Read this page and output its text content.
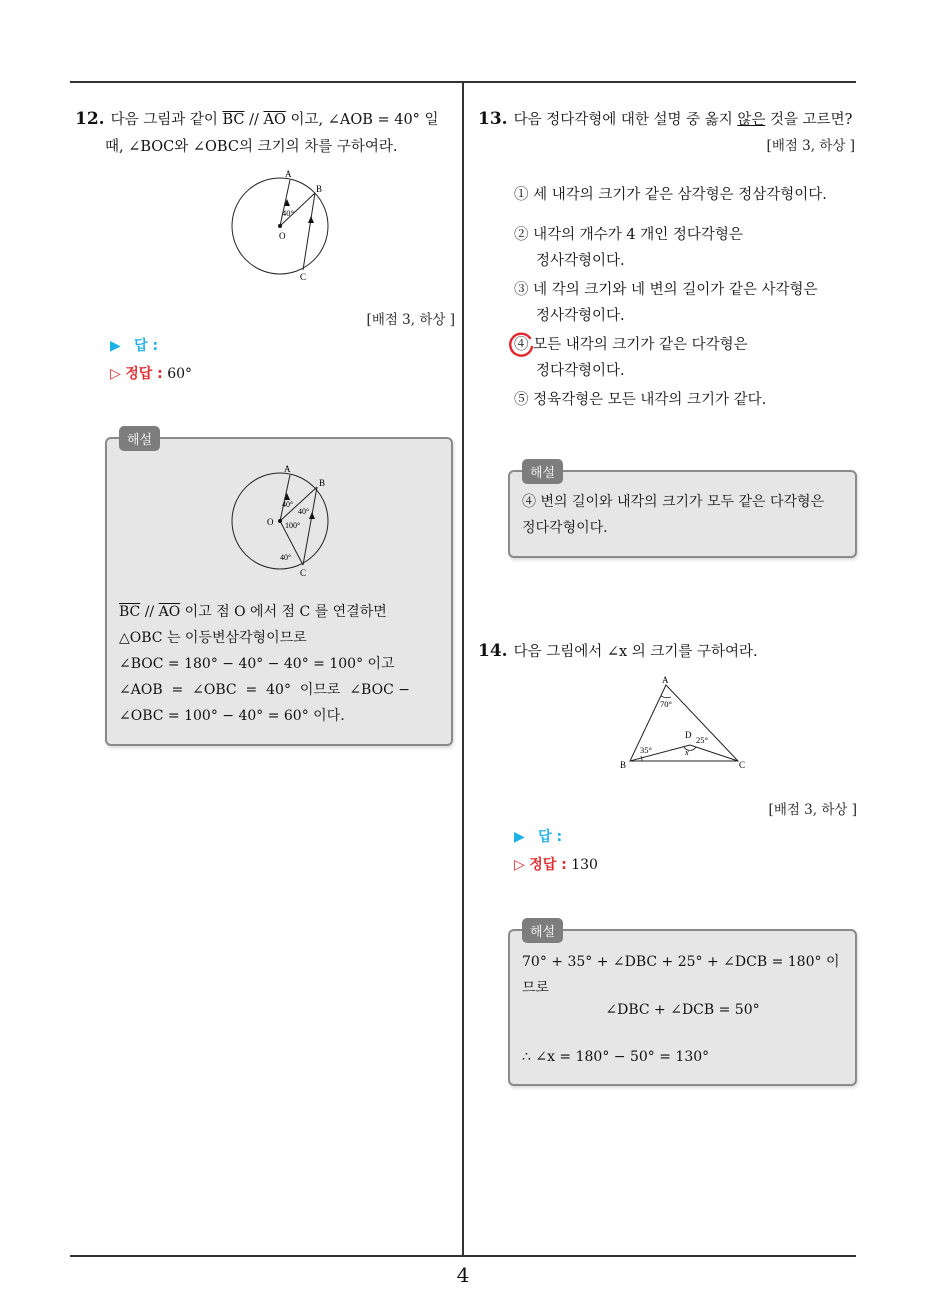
4
12. 다음 그림과 같이 $\overline{BC} // \overline{AO}$ 이고, ∠AOB = 40° 일
때, ∠BOC와 ∠OBC의 크기의 차를 구하여라.
A
B
O
C
40°
[배점 3, 하상 ]
▶ 답 :
▷ 정답 : 60°
해설
A
B
O
C
40°
40°
100°
40°
$\overline{BC} // \overline{AO}$ 이고 점 O 에서 점 C 를 연결하면
△OBC 는 이등변삼각형이므로
∠BOC = 180° − 40° − 40° = 100° 이고
∠AOB  =  ∠OBC  =  40°  이므로  ∠BOC −
∠OBC = 100° − 40° = 60° 이다.
13. 다음 정다각형에 대한 설명 중 옳지 않은 것을 고르면?
[배점 3, 하상 ]
① 세 내각의 크기가 같은 삼각형은 정삼각형이다.
② 내각의 개수가 4 개인 정다각형은
정사각형이다.
③ 네 각의 크기와 네 변의 길이가 같은 사각형은
정사각형이다.
④ 모든 내각의 크기가 같은 다각형은
정다각형이다.
⑤ 정육각형은 모든 내각의 크기가 같다.
해설
④ 변의 길이와 내각의 크기가 모두 같은 다각형은
정다각형이다.
14. 다음 그림에서 ∠x 의 크기를 구하여라.
A
B	C
D
x
70°
35°
25°
[배점 3, 하상 ]
▶ 답 :
▷ 정답 : 130
해설
70° + 35° + ∠DBC + 25° + ∠DCB = 180° 이므로
∠DBC + ∠DCB = 50°
∴ ∠x = 180° − 50° = 130°
